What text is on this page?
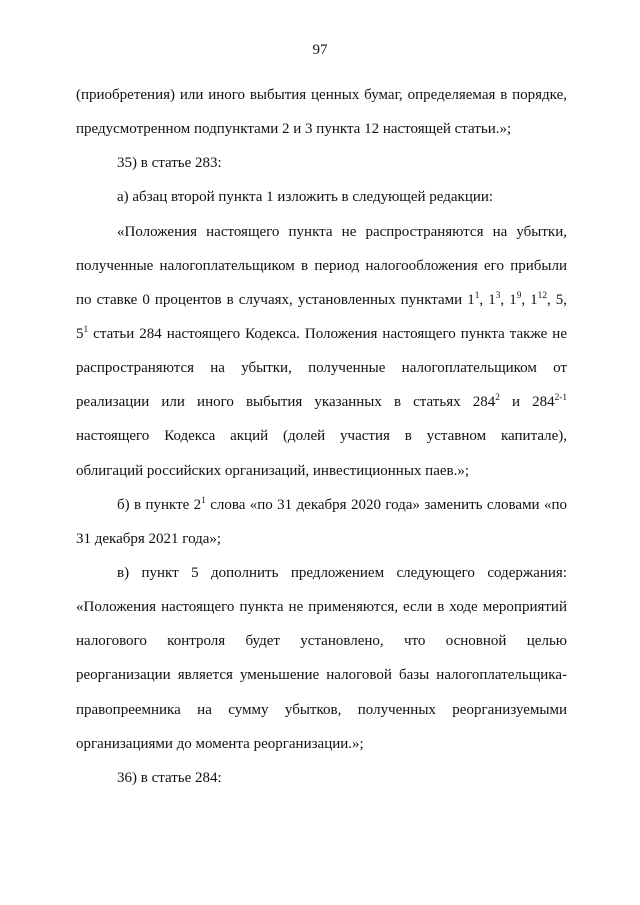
97
(приобретения) или иного выбытия ценных бумаг, определяемая в порядке,
предусмотренном подпунктами 2 и 3 пункта 12 настоящей статьи.»;
35) в статье 283:
а) абзац второй пункта 1 изложить в следующей редакции:
«Положения настоящего пункта не распространяются на убытки,
полученные налогоплательщиком в период налогообложения его прибыли
по ставке 0 процентов в случаях, установленных пунктами $1^1$, $1^3$, $1^9$, $1^{12}$, 5,
$5^1$ статьи 284 настоящего Кодекса. Положения настоящего пункта также не
распространяются на убытки, полученные налогоплательщиком от
реализации или иного выбытия указанных в статьях $284^2$ и 284$^{2-1}$
настоящего Кодекса акций (долей участия в уставном капитале),
облигаций российских организаций, инвестиционных паев.»;
б) в пункте $2^1$ слова «по 31 декабря 2020 года» заменить словами «по
31 декабря 2021 года»;
в) пункт 5 дополнить предложением следующего содержания:
«Положения настоящего пункта не применяются, если в ходе мероприятий
налогового контроля будет установлено, что основной целью
реорганизации является уменьшение налоговой базы налогоплательщика-
правопреемника на сумму убытков, полученных реорганизуемыми
организациями до момента реорганизации.»;
36) в статье 284:
